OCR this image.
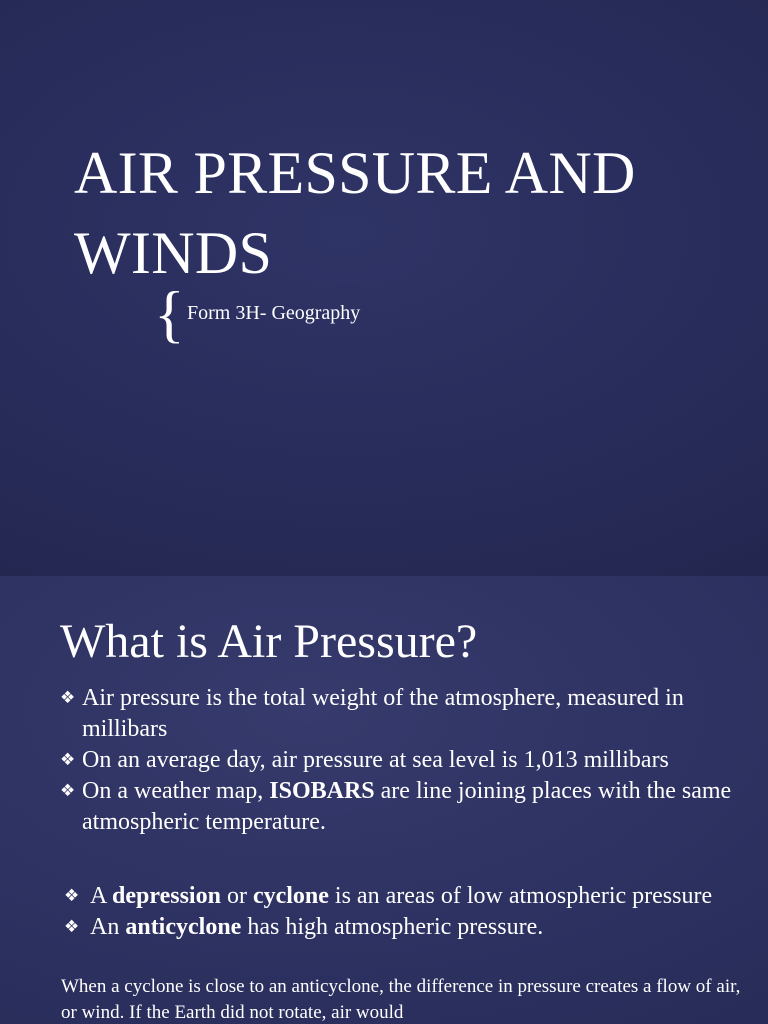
AIR PRESSURE AND WINDS
{ Form 3H- Geography
What is Air Pressure?
❖ Air pressure is the total weight of the atmosphere, measured in millibars
❖ On an average day, air pressure at sea level is 1,013 millibars
❖ On a weather map, ISOBARS are line joining places with the same atmospheric temperature.
❖ A depression or cyclone is an areas of low atmospheric pressure
❖ An anticyclone has high atmospheric pressure.
When a cyclone is close to an anticyclone, the difference in pressure creates a flow of air, or wind. If the Earth did not rotate, air would
